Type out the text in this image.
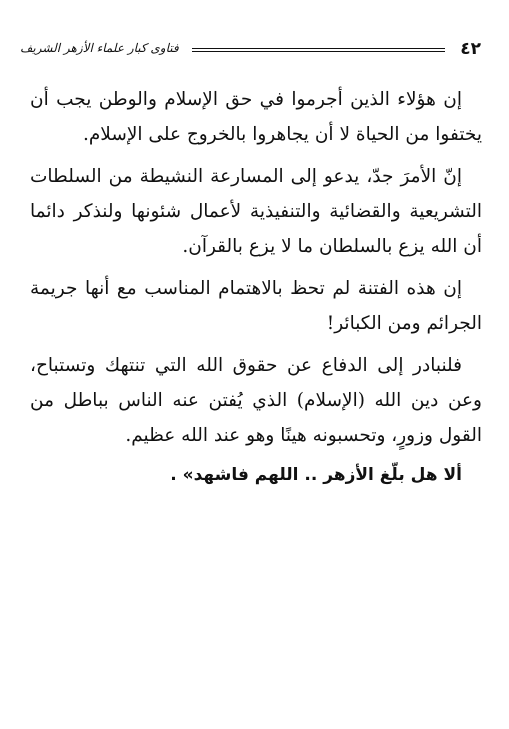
فتاوى كبار علماء الأزهر الشريف	٤٢

إن هؤلاء الذين أجرموا في حق الإسلام والوطن يجب أن يختفوا من الحياة لا أن يجاهروا بالخروج على الإسلام.

إنّ الأمرَ جدّ، يدعو إلى المسارعة النشيطة من السلطات التشريعية والقضائية والتنفيذية لأعمال شئونها ولنذكر دائما أن الله يزع بالسلطان ما لا يزع بالقرآن.

إن هذه الفتنة لم تحظ بالاهتمام المناسب مع أنها جريمة الجرائم ومن الكبائر!

فلنبادر إلى الدفاع عن حقوق الله التي تنتهك وتستباح، وعن دين الله (الإسلام) الذي يُفتن عنه الناس بباطل من القول وزورٍ، وتحسبونه هينًا وهو عند الله عظيم.

ألا هل بلّغ الأزهر .. اللهم فاشهد» .
